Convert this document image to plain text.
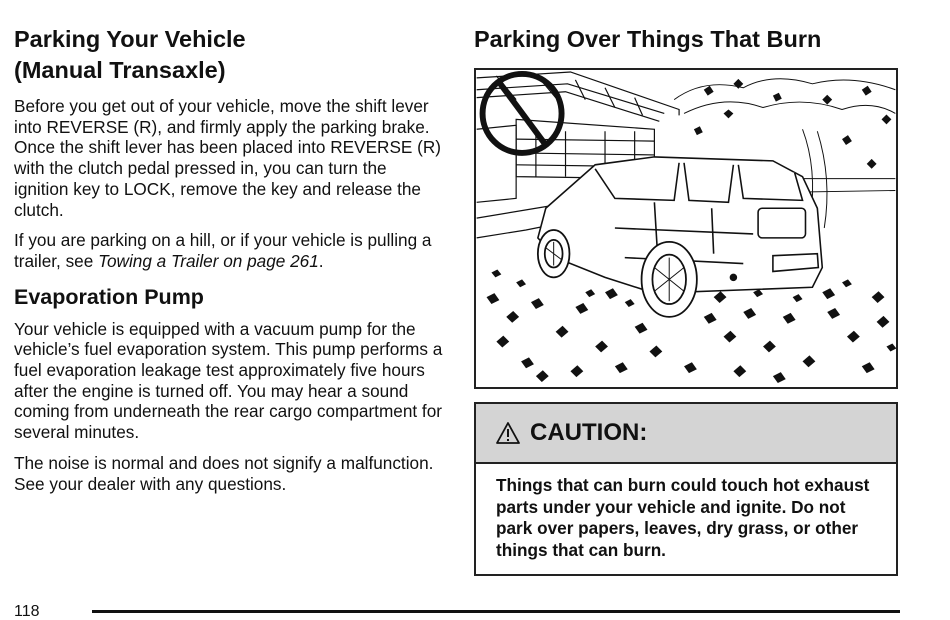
Parking Your Vehicle
(Manual Transaxle)

Before you get out of your vehicle, move the shift lever into REVERSE (R), and firmly apply the parking brake. Once the shift lever has been placed into REVERSE (R) with the clutch pedal pressed in, you can turn the ignition key to LOCK, remove the key and release the clutch.

If you are parking on a hill, or if your vehicle is pulling a trailer, see Towing a Trailer on page 261.

Evaporation Pump

Your vehicle is equipped with a vacuum pump for the vehicle’s fuel evaporation system. This pump performs a fuel evaporation leakage test approximately five hours after the engine is turned off. You may hear a sound coming from underneath the rear cargo compartment for several minutes.

The noise is normal and does not signify a malfunction. See your dealer with any questions.

Parking Over Things That Burn
CAUTION:
Things that can burn could touch hot exhaust parts under your vehicle and ignite. Do not park over papers, leaves, dry grass, or other things that can burn.
118
